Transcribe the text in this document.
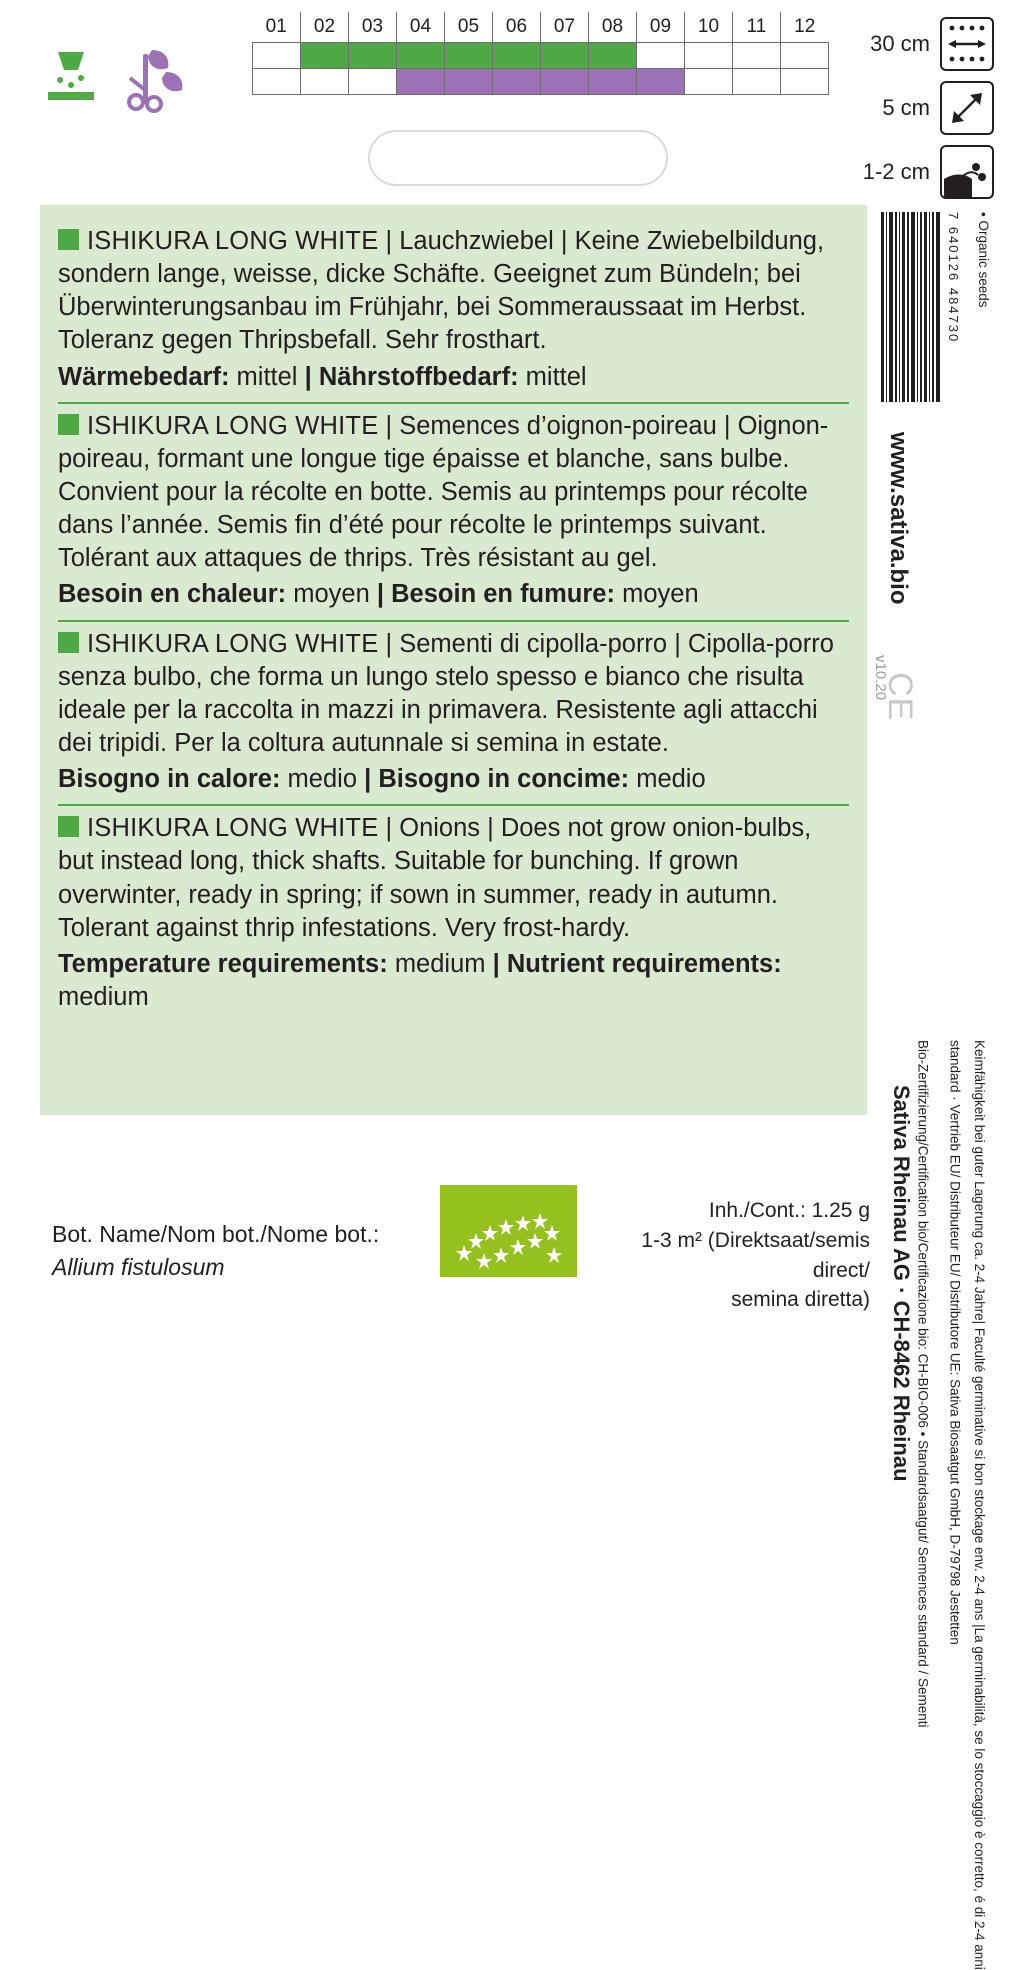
01	02	03	04	05	06	07	08	09	10	11	12

30 cm
5 cm
1-2 cm
ISHIKURA LONG WHITE | Lauchzwiebel | Keine Zwiebelbildung, sondern lange, weisse, dicke Schäfte. Geeignet zum Bündeln; bei Überwinterungsanbau im Frühjahr, bei Sommeraussaat im Herbst. Toleranz gegen Thripsbefall. Sehr frosthart.
Wärmebedarf: mittel | Nährstoffbedarf: mittel
ISHIKURA LONG WHITE | Semences d’oignon-poireau | Oignon-poireau, formant une longue tige épaisse et blanche, sans bulbe. Convient pour la récolte en botte. Semis au printemps pour récolte dans l’année. Semis fin d’été pour récolte le printemps suivant. Tolérant aux attaques de thrips. Très résistant au gel.
Besoin en chaleur: moyen | Besoin en fumure: moyen
ISHIKURA LONG WHITE | Sementi di cipolla-porro | Cipolla-porro senza bulbo, che forma un lungo stelo spesso e bianco che risulta ideale per la raccolta in mazzi in primavera. Resistente agli attacchi dei tripidi. Per la coltura autunnale si semina in estate.
Bisogno in calore: medio | Bisogno in concime: medio
ISHIKURA LONG WHITE | Onions | Does not grow onion-bulbs, but instead long, thick shafts. Suitable for bunching. If grown overwinter, ready in spring; if sown in summer, ready in autumn. Tolerant against thrip infestations. Very frost-hardy.
Temperature requirements: medium | Nutrient requirements: medium
7 640126 484730 • Organic seeds
www.sativa.bio
v10.20
CE
Sativa Rheinau AG · CH-8462 Rheinau Bio-Zertifizierung/Certification bio/Certificazione bio: CH-BIO-006 • Standardsaatgut/ Semences standard / Sementi standard · Vertrieb EU/ Distributeur EU/ Distributore UE: Sativa Biosaatgut GmbH, D-79798 Jestetten Keimfähigkeit bei guter Lagerung ca. 2-4 Jahre| Faculté germinative si bon stockage env. 2-4 ans |La germinabilità, se lo stoccaggio è corretto, é di 2-4 anni
Bot. Name/Nom bot./Nome bot.:
Allium fistulosum
Inh./Cont.: 1.25 g
1-3 m² (Direktsaat/semis direct/
semina diretta)
